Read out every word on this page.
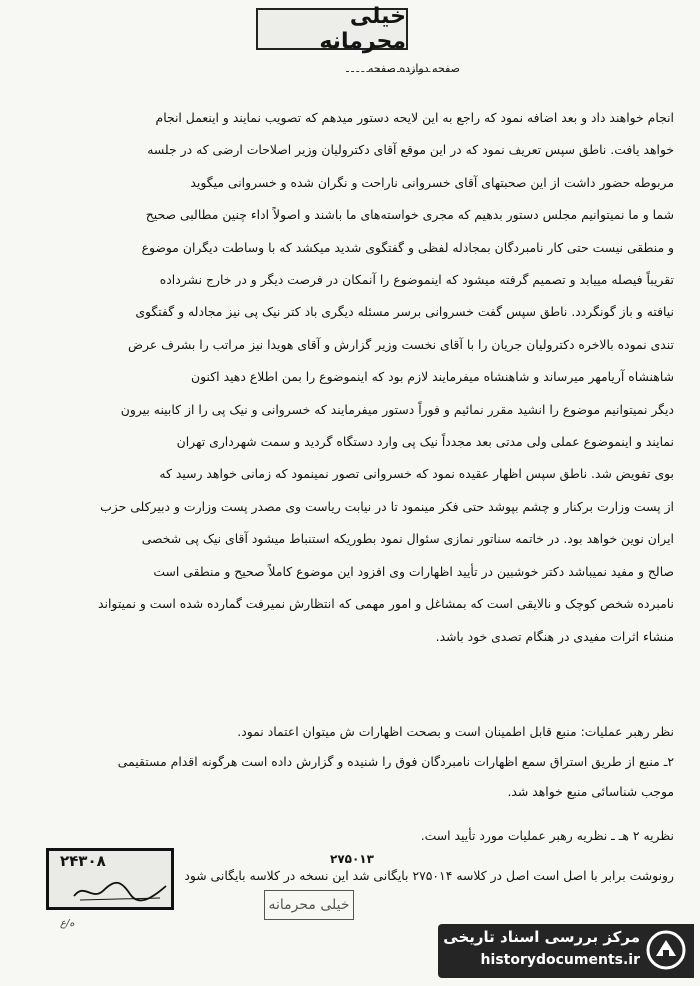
خیلی محرمانه
صفحه دوازده صفحه

انجام خواهند داد و بعد اضافه نمود که راجع به این لایحه دستور میدهم که تصویب نمایند و اینعمل انجام

خواهد یافت. ناطق سپس تعریف نمود که در این موقع آقای دکترولیان وزیر اصلاحات ارضی که در جلسه

مربوطه حضور داشت از این صحبتهای آقای خسروانی ناراحت و نگران شده و خسروانی میگوید

شما و ما نمیتوانیم مجلس دستور بدهیم که مجری خواسته‌های ما باشند و اصولاً اداء چنین مطالبی صحیح

و منطقی نیست حتی کار نامبردگان بمجادله لفظی و گفتگوی شدید میکشد که با وساطت دیگران موضوع

تقریباً فیصله مییابد و تصمیم گرفته میشود که اینموضوع را آنمکان در فرصت دیگر و در خارج نشرداده

نیافته و باز گونگردد. ناطق سپس گفت خسروانی برسر مسئله دیگری باد کتر نیک پی نیز مجادله و گفتگوی

تندی نموده بالاخره دکترولیان جریان را با آقای نخست وزیر گزارش و آقای هویدا نیز مراتب را بشرف عرض

شاهنشاه آریامهر میرساند و شاهنشاه میفرمایند لازم بود که اینموضوع را بمن اطلاع دهید اکنون

دیگر نمیتوانیم موضوع را انشید مقرر نمائیم و فوراً دستور میفرمایند که خسروانی و نیک پی را از کابینه بیرون

نمایند و اینموضوع عملی ولی مدتی بعد مجدداً نیک پی وارد دستگاه گردید و سمت شهرداری تهران

بوی تفویض شد. ناطق سپس اظهار عقیده نمود که خسروانی تصور نمینمود که زمانی خواهد رسید که

از پست وزارت برکنار و چشم بپوشد حتی فکر مینمود تا در نیابت ریاست وی مصدر پست وزارت و دبیرکلی حزب

ایران نوین خواهد بود. در خاتمه سناتور نمازی سئوال نمود بطوریکه استنباط میشود آقای نیک پی شخصی

صالح و مفید نمیباشد دکتر خوشبین در تأیید اظهارات وی افزود این موضوع کاملاً صحیح و منطقی است

نامبرده شخص کوچک و نالایقی است که بمشاغل و امور مهمی که انتظارش نمیرفت گمارده شده است و نمیتواند

منشاء اثرات مفیدی در هنگام تصدی خود باشد.

نظر رهبر عملیات: منبع قابل اطمینان است و بصحت اظهارات ش میتوان اعتماد نمود.

۲ـ منبع از طریق استراق سمع اظهارات نامبردگان فوق را شنیده و گزارش داده است هرگونه اقدام مستقیمی

موجب شناسائی منبع خواهد شد.

نظریه ۲ هـ ـ نظریه رهبر عملیات مورد تأیید است.
۲۷۵۰۱۳
رونوشت برابر با اصل است اصل در کلاسه ۲۷۵۰۱۴ بایگانی شد این نسخه در کلاسه بایگانی شود
۲۴۳۰۸
خیلی محرمانه
ه/ع
مرکز بررسی اسناد تاریخی
historydocuments.ir
